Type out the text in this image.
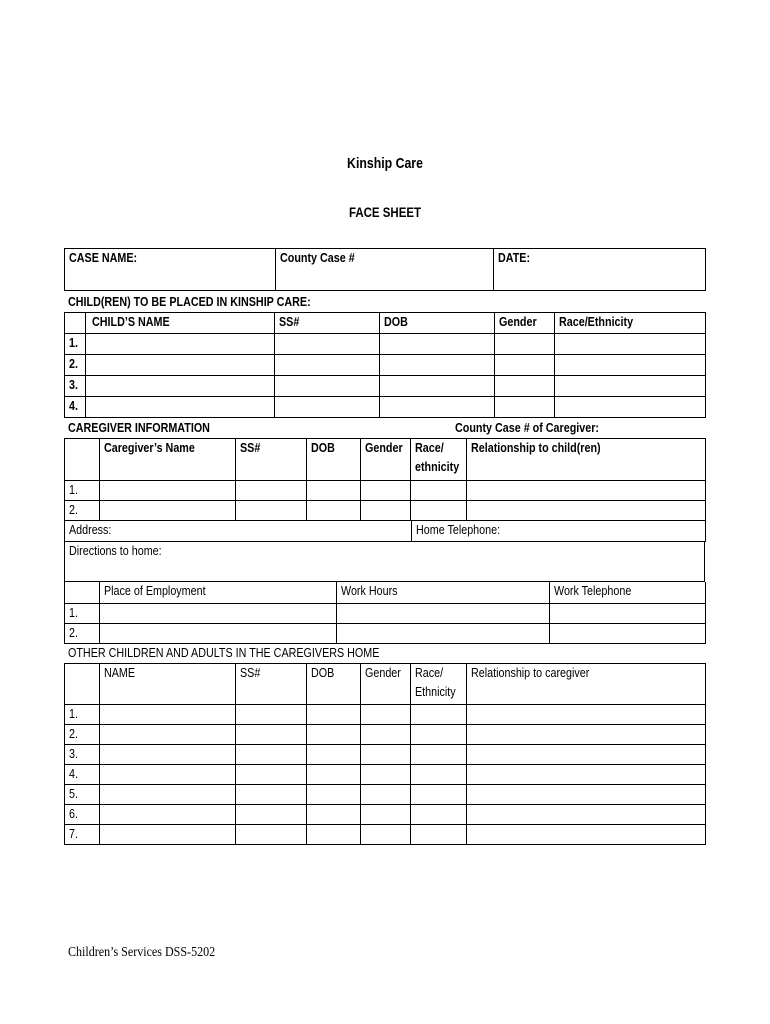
Kinship Care
FACE SHEET
CASE NAME:	County Case #	DATE:
CHILD(REN) TO BE PLACED IN KINSHIP CARE:
	CHILD’S NAME	SS#	DOB	Gender	Race/Ethnicity
1.					
2.					
3.					
4.					
CAREGIVER INFORMATION	County Case # of Caregiver:
	Caregiver’s Name	SS#	DOB	Gender	Race/
ethnicity	Relationship to child(ren)
1.						
2.						
Address:	Home Telephone:
Directions to home:
	Place of Employment	Work Hours	Work Telephone
1.			
2.			
OTHER CHILDREN AND ADULTS IN THE CAREGIVERS HOME
	NAME	SS#	DOB	Gender	Race/
Ethnicity	Relationship to caregiver
1.						
2.						
3.						
4.						
5.						
6.						
7.						
Children’s Services DSS-5202
